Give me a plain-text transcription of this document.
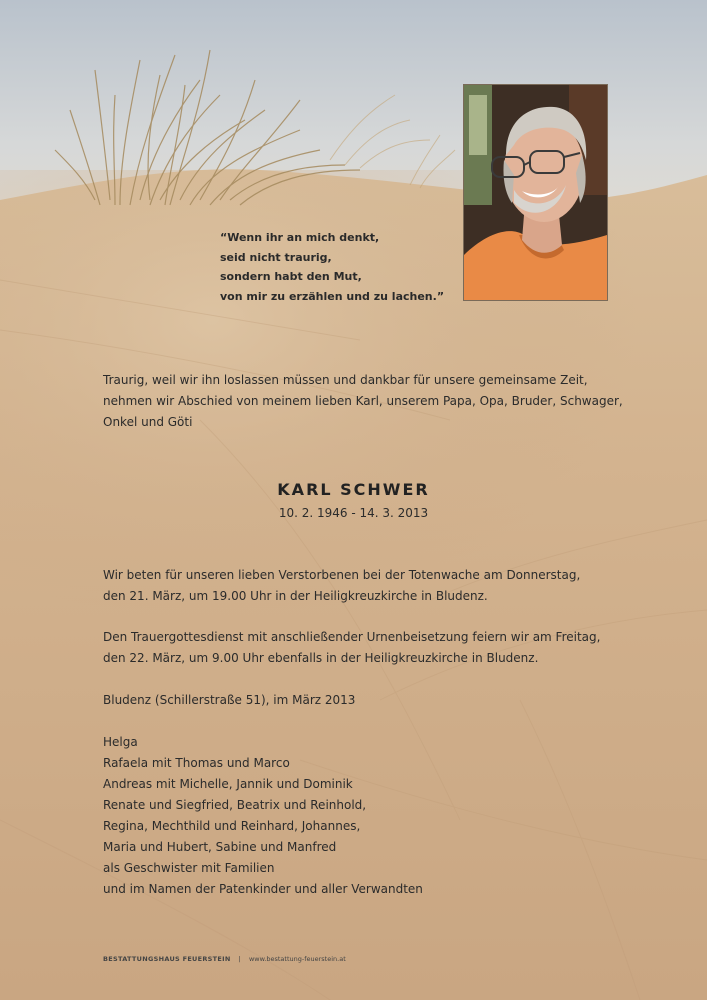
“Wenn ihr an mich denkt,
seid nicht traurig,
sondern habt den Mut,
von mir zu erzählen und zu lachen.”
Traurig, weil wir ihn loslassen müssen und dankbar für unsere gemeinsame Zeit,
nehmen wir Abschied von meinem lieben Karl, unserem Papa, Opa, Bruder, Schwager,
Onkel und Göti
KARL SCHWER
10. 2. 1946 - 14. 3. 2013
Wir beten für unseren lieben Verstorbenen bei der Totenwache am Donnerstag,
den 21. März, um 19.00 Uhr in der Heiligkreuzkirche in Bludenz.
Den Trauergottesdienst mit anschließender Urnenbeisetzung feiern wir am Freitag,
den 22. März, um 9.00 Uhr ebenfalls in der Heiligkreuzkirche in Bludenz.
Bludenz (Schillerstraße 51), im März 2013
Helga
Rafaela mit Thomas und Marco
Andreas mit Michelle, Jannik und Dominik
Renate und Siegfried, Beatrix und Reinhold,
Regina, Mechthild und Reinhard, Johannes,
Maria und Hubert, Sabine und Manfred
als Geschwister mit Familien
und im Namen der Patenkinder und aller Verwandten
BESTATTUNGSHAUS FEUERSTEIN | www.bestattung-feuerstein.at
